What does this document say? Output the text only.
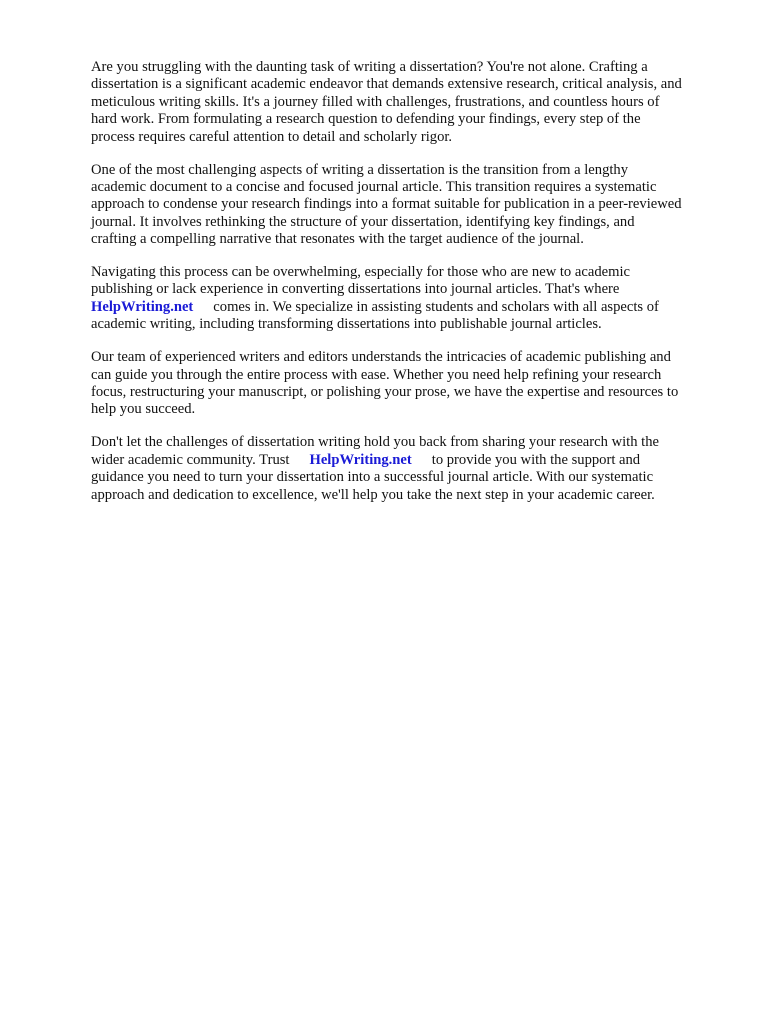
Are you struggling with the daunting task of writing a dissertation? You're not alone. Crafting a
dissertation is a significant academic endeavor that demands extensive research, critical analysis, and
meticulous writing skills. It's a journey filled with challenges, frustrations, and countless hours of
hard work. From formulating a research question to defending your findings, every step of the
process requires careful attention to detail and scholarly rigor.

One of the most challenging aspects of writing a dissertation is the transition from a lengthy
academic document to a concise and focused journal article. This transition requires a systematic
approach to condense your research findings into a format suitable for publication in a peer-reviewed
journal. It involves rethinking the structure of your dissertation, identifying key findings, and
crafting a compelling narrative that resonates with the target audience of the journal.

Navigating this process can be overwhelming, especially for those who are new to academic
publishing or lack experience in converting dissertations into journal articles. That's where
HelpWriting.net comes in. We specialize in assisting students and scholars with all aspects of
academic writing, including transforming dissertations into publishable journal articles.

Our team of experienced writers and editors understands the intricacies of academic publishing and
can guide you through the entire process with ease. Whether you need help refining your research
focus, restructuring your manuscript, or polishing your prose, we have the expertise and resources to
help you succeed.

Don't let the challenges of dissertation writing hold you back from sharing your research with the
wider academic community. Trust HelpWriting.net to provide you with the support and
guidance you need to turn your dissertation into a successful journal article. With our systematic
approach and dedication to excellence, we'll help you take the next step in your academic career.
